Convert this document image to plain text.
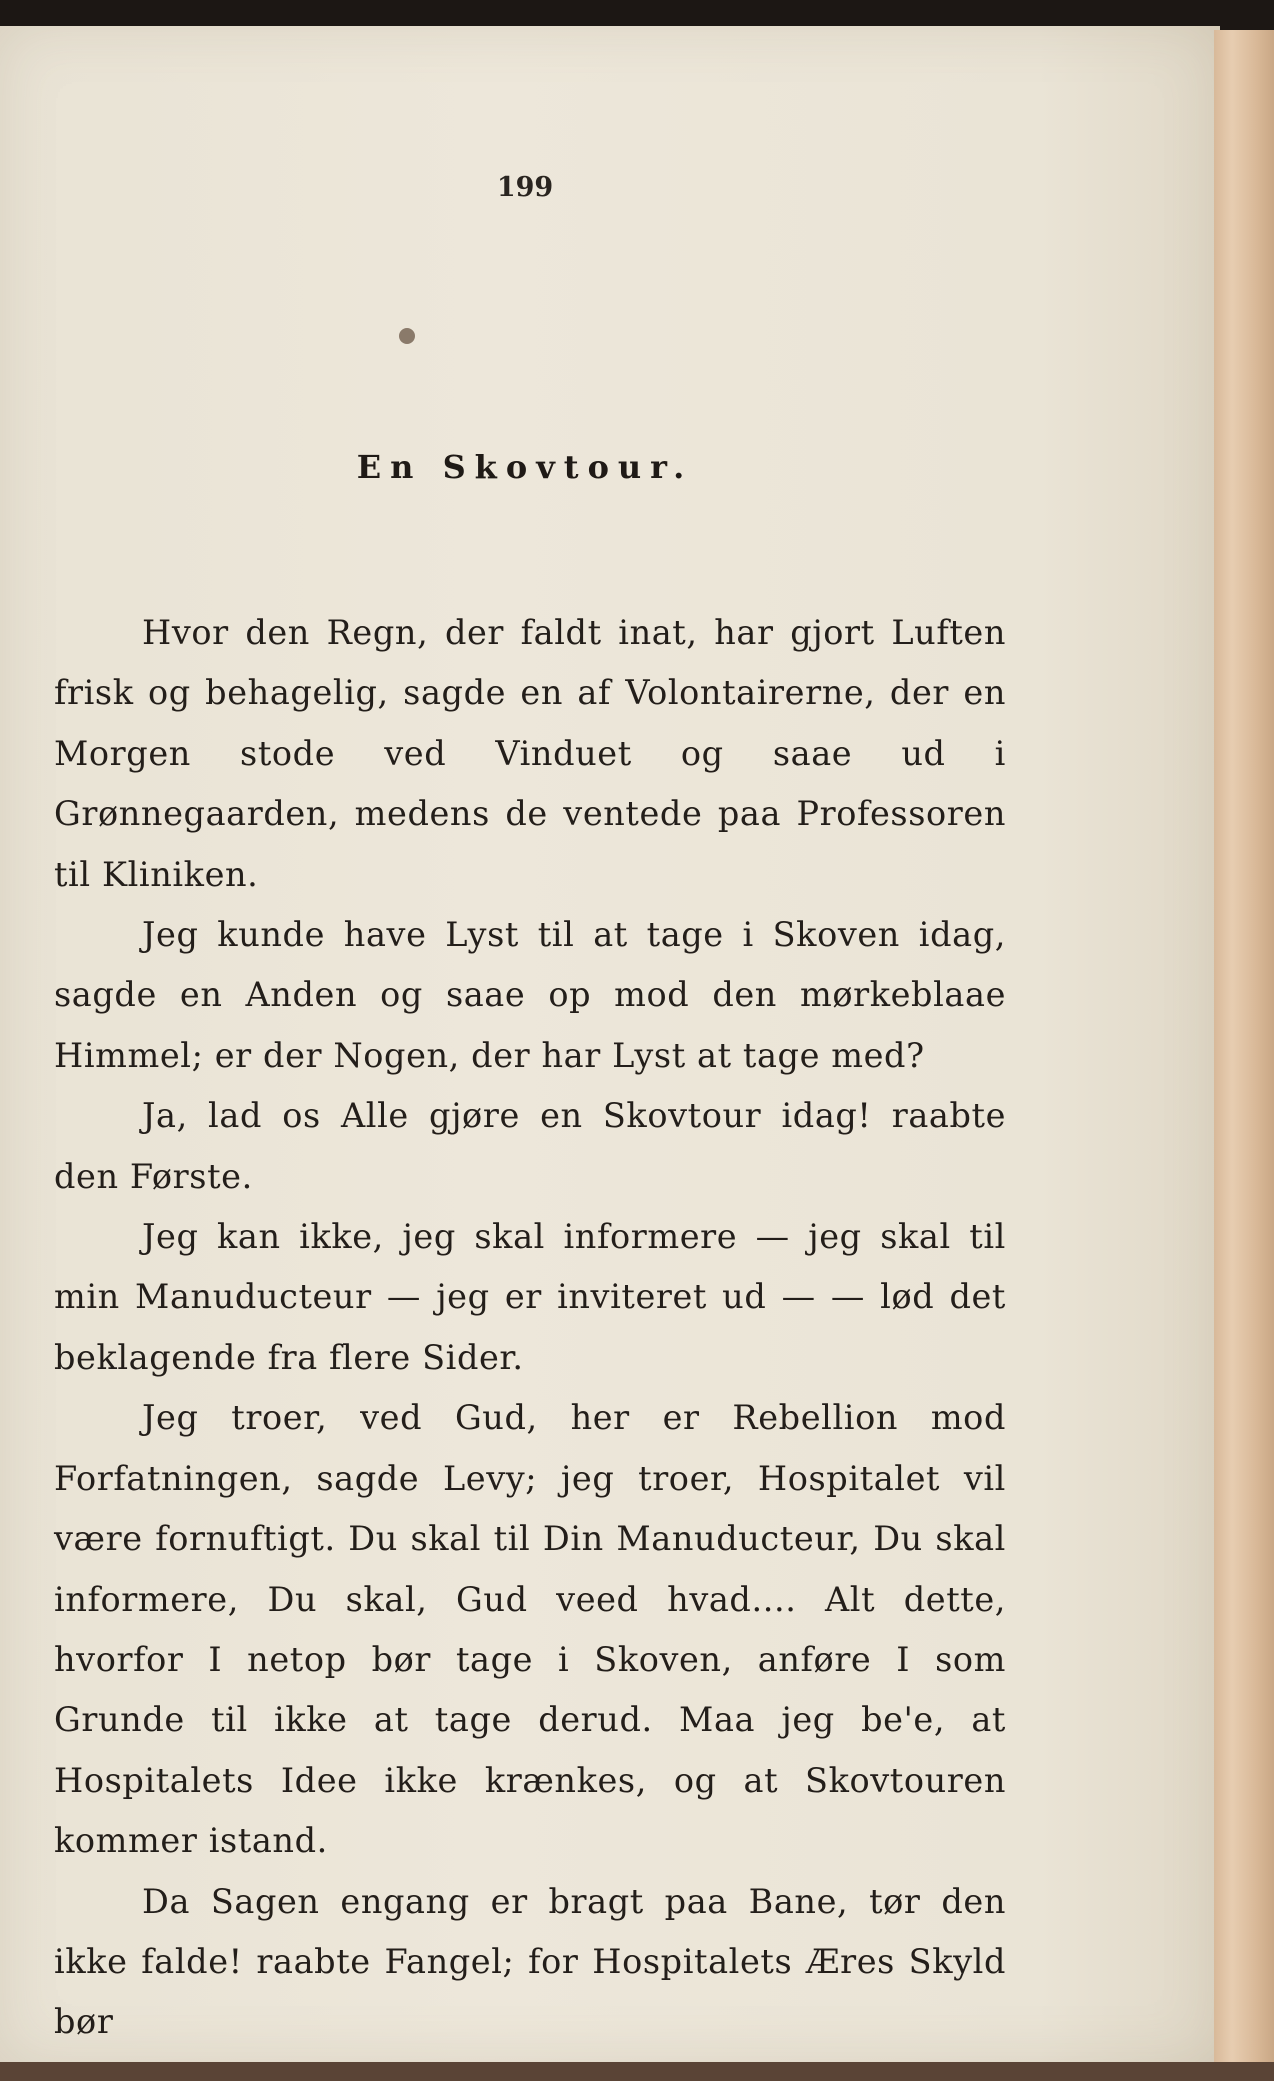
199
En Skovtour.

Hvor den Regn, der faldt inat, har gjort Luften frisk og behagelig, sagde en af Volontairerne, der en Morgen stode ved Vinduet og saae ud i Grønnegaarden, medens de ventede paa Professoren til Kliniken.

Jeg kunde have Lyst til at tage i Skoven idag, sagde en Anden og saae op mod den mørkeblaae Himmel; er der Nogen, der har Lyst at tage med?

Ja, lad os Alle gjøre en Skovtour idag! raabte den Første.

Jeg kan ikke, jeg skal informere — jeg skal til min Manuducteur — jeg er inviteret ud — — lød det beklagende fra flere Sider.

Jeg troer, ved Gud, her er Rebellion mod Forfatningen, sagde Levy; jeg troer, Hospitalet vil være fornuftigt. Du skal til Din Manuducteur, Du skal informere, Du skal, Gud veed hvad.... Alt dette, hvorfor I netop bør tage i Skoven, anføre I som Grunde til ikke at tage derud. Maa jeg be'e, at Hospitalets Idee ikke krænkes, og at Skovtouren kommer istand.

Da Sagen engang er bragt paa Bane, tør den ikke falde! raabte Fangel; for Hospitalets Æres Skyld bør
